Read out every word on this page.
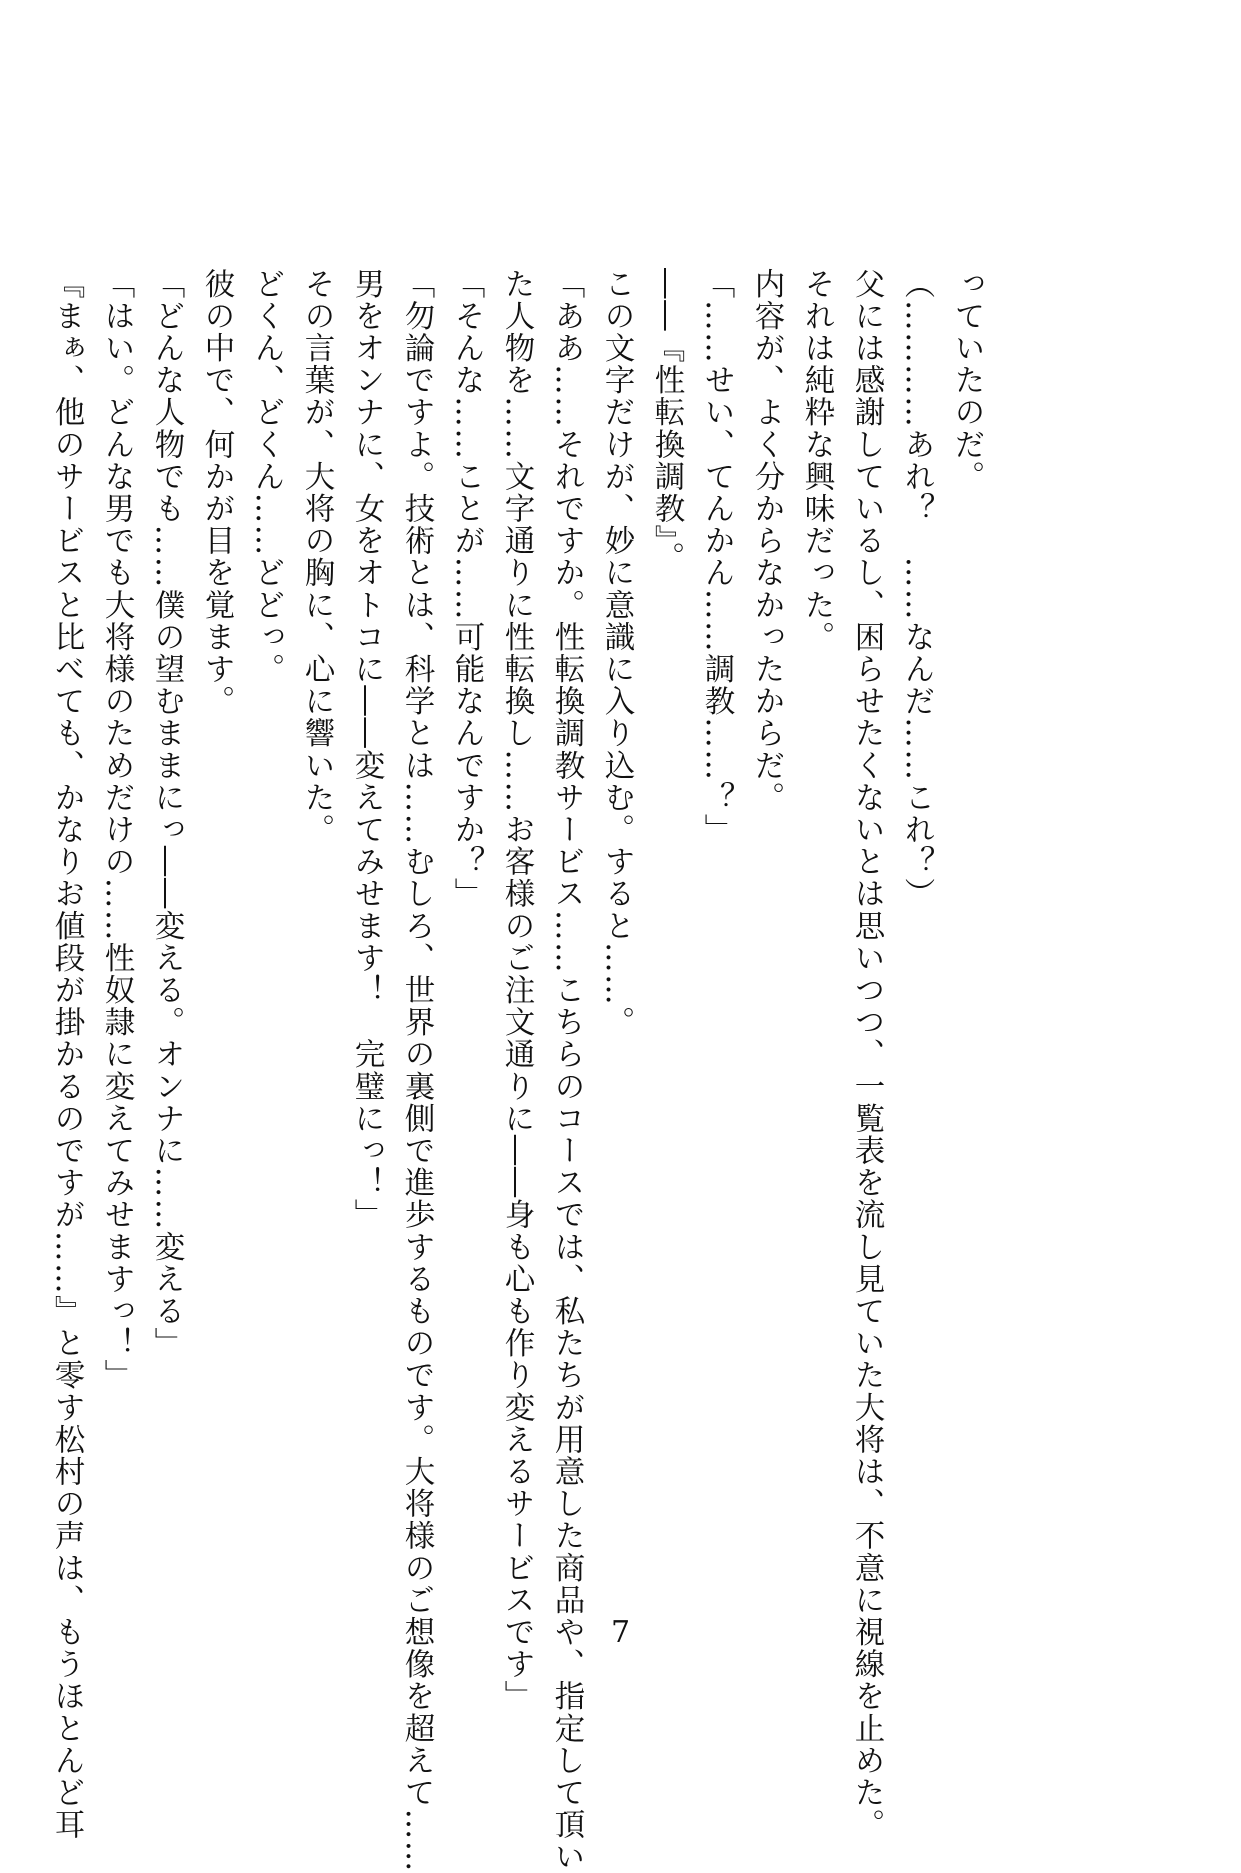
っていたのだ。

（…………あれ？　……なんだ……これ？）

父には感謝しているし、困らせたくないとは思いつつ、一覧表を流し見ていた大将は、不意に視線を止めた。

それは純粋な興味だった。

内容が、よく分からなかったからだ。

「……せい、てんかん……調教……？」

――『性転換調教』。

この文字だけが、妙に意識に入り込む。すると……。

「ああ……それですか。性転換調教サービス……こちらのコースでは、私たちが用意した商品や、指定して頂い

た人物を……文字通りに性転換し……お客様のご注文通りに――身も心も作り変えるサービスです」

「そんな……ことが……可能なんですか？」

「勿論ですよ。技術とは、科学とは……むしろ、世界の裏側で進歩するものです。大将様のご想像を超えて……

男をオンナに、女をオトコに――変えてみせます！　完璧にっ！」

その言葉が、大将の胸に、心に響いた。

どくん、どくん……どどっ。

彼の中で、何かが目を覚ます。

「どんな人物でも……僕の望むままにっ――変える。オンナに……変える」

「はい。どんな男でも大将様のためだけの……性奴隷に変えてみせますっ！」

『まぁ、他のサービスと比べても、かなりお値段が掛かるのですが……』と零す松村の声は、もうほとんど耳	7
